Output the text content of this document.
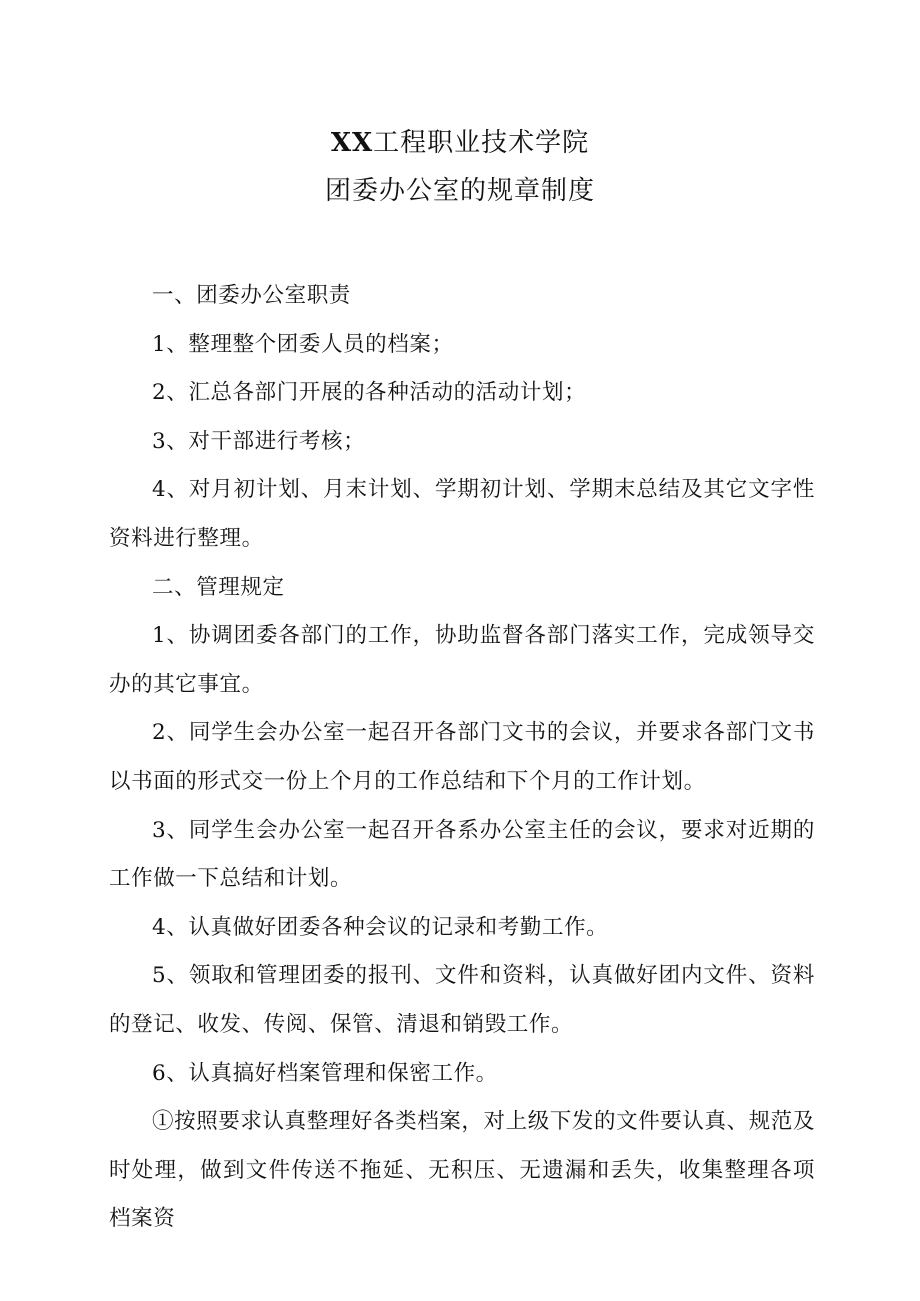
XX工程职业技术学院
团委办公室的规章制度

一、团委办公室职责

1、整理整个团委人员的档案；

2、汇总各部门开展的各种活动的活动计划；

3、对干部进行考核；

4、对月初计划、月末计划、学期初计划、学期末总结及其它文字性资料进行整理。

二、管理规定

1、协调团委各部门的工作，协助监督各部门落实工作，完成领导交办的其它事宜。

2、同学生会办公室一起召开各部门文书的会议，并要求各部门文书以书面的形式交一份上个月的工作总结和下个月的工作计划。

3、同学生会办公室一起召开各系办公室主任的会议，要求对近期的工作做一下总结和计划。

4、认真做好团委各种会议的记录和考勤工作。

5、领取和管理团委的报刊、文件和资料，认真做好团内文件、资料的登记、收发、传阅、保管、清退和销毁工作。

6、认真搞好档案管理和保密工作。

①按照要求认真整理好各类档案，对上级下发的文件要认真、规范及时处理，做到文件传送不拖延、无积压、无遗漏和丢失，收集整理各项档案资
